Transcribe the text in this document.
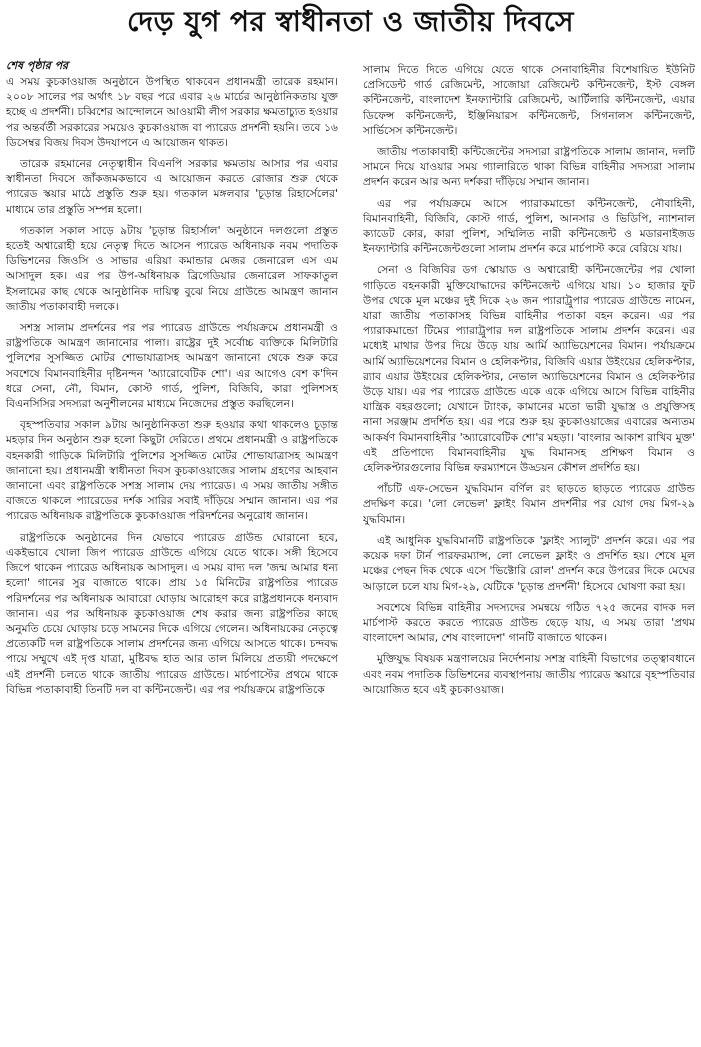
দেড় যুগ পর স্বাধীনতা ও জাতীয় দিবসে
শেষ পৃষ্ঠার পর

এ সময় কুচকাওয়াজ অনুষ্ঠানে উপস্থিত থাকবেন প্রধানমন্ত্রী তারেক রহমান। ২০০৮ সালের পর অর্থাৎ ১৮ বছর পরে এবার ২৬ মার্চের আনুষ্ঠানিকতায় যুক্ত হচ্ছে এ প্রদর্শনী। চব্বিশের আন্দোলনে আওয়ামী লীগ সরকার ক্ষমতাচ্যুত হওয়ার পর অন্তর্বর্তী সরকারের সময়েও কুচকাওয়াজ বা প্যারেড প্রদর্শনী হয়নি। তবে ১৬ ডিসেম্বর বিজয় দিবস উদযাপনে এ আয়োজন থাকত।

তারেক রহমানের নেতৃত্বাধীন বিএনপি সরকার ক্ষমতায় আসার পর এবার স্বাধীনতা দিবসে জাঁকজমকভাবে এ আয়োজন করতে রোজার শুরু থেকে প্যারেড স্কয়ার মাঠে প্রস্তুতি শুরু হয়। গতকাল মঙ্গলবার 'চূড়ান্ত রিহার্সেলের' মাধ্যমে তার প্রস্তুতি সম্পন্ন হলো।

গতকাল সকাল সাড়ে ৯টায় 'চূড়ান্ত রিহার্সাল' অনুষ্ঠানে দলগুলো প্রস্তুত হতেই অশ্বারোহী হয়ে নেতৃত্ব দিতে আসেন প্যারেড অধিনায়ক নবম পদাতিক ডিভিশনের জিওসি ও সাভার এরিয়া কমান্ডার মেজর জেনারেল এস এম আসাদুল হক। এর পর উপ-অধিনায়ক ব্রিগেডিয়ার জেনারেল সাফকাতুল ইসলামের কাছ থেকে আনুষ্ঠানিক দায়িত্ব বুঝে নিয়ে গ্রাউন্ডে আমন্ত্রণ জানান জাতীয় পতাকাবাহী দলকে।

সশস্ত্র সালাম প্রদর্শনের পর পর প্যারেড গ্রাউন্ডে পর্যায়ক্রমে প্রধানমন্ত্রী ও রাষ্ট্রপতিকে আমন্ত্রণ জানানোর পালা। রাষ্ট্রের দুই সর্বোচ্চ ব্যক্তিকে মিলিটারি পুলিশের সুসজ্জিত মোটর শোভাযাত্রাসহ আমন্ত্রণ জানানো থেকে শুরু করে সবশেষে বিমানবাহিনীর দৃষ্টিনন্দন 'অ্যারোবেটিক শো'। এর আগেও বেশ ক'দিন ধরে সেনা, নৌ, বিমান, কোস্ট গার্ড, পুলিশ, বিজিবি, কারা পুলিশসহ বিএনসিসির সদস্যরা অনুশীলনের মাধ্যমে নিজেদের প্রস্তুত করছিলেন।

বৃহস্পতিবার সকাল ৯টায় আনুষ্ঠানিকতা শুরু হওয়ার কথা থাকলেও চূড়ান্ত মহড়ার দিন অনুষ্ঠান শুরু হলো কিছুটা দেরিতে। প্রথমে প্রধানমন্ত্রী ও রাষ্ট্রপতিকে বহনকারী গাড়িকে মিলিটারি পুলিশের সুসজ্জিত মোটর শোভাযাত্রাসহ আমন্ত্রণ জানানো হয়। প্রধানমন্ত্রী স্বাধীনতা দিবস কুচকাওয়াজের সালাম গ্রহণের আহবান জানানো এবং রাষ্ট্রপতিকে সশস্ত্র সালাম দেয় প্যারেড। এ সময় জাতীয় সঙ্গীত বাজতে থাকলে প্যারেডের দর্শক সারির সবাই দাঁড়িয়ে সম্মান জানান। এর পর প্যারেড অধিনায়ক রাষ্ট্রপতিকে কুচকাওয়াজ পরিদর্শনের অনুরোধ জানান।

রাষ্ট্রপতিকে অনুষ্ঠানের দিন যেভাবে প্যারেড গ্রাউন্ড ঘোরানো হবে, একইভাবে খোলা জিপ প্যারেড গ্রাউন্ডে এগিয়ে যেতে থাকে। সঙ্গী হিসেবে জিপে থাকেন প্যারেড অধিনায়ক আসাদুল। এ সময় বাদ্য দল 'জন্ম আমার ধন্য হলো' গানের সুর বাজাতে থাকে। প্রায় ১৫ মিনিটের রাষ্ট্রপতির প্যারেড পরিদর্শনের পর অধিনায়ক আবারো ঘোড়ায় আরোহণ করে রাষ্ট্রপ্রধানকে ধন্যবাদ জানান। এর পর অধিনায়ক কুচকাওয়াজ শেষ করার জন্য রাষ্ট্রপতির কাছে অনুমতি চেয়ে ঘোড়ায় চড়ে সামনের দিকে এগিয়ে গেলেন। অধিনায়কের নেতৃত্বে প্রত্যেকটি দল রাষ্ট্রপতিকে সালাম প্রদর্শনের জন্য এগিয়ে আসতে থাকে। চন্দবদ্ধ পায়ে সম্মুখে এই দৃপ্ত যাত্রা, মুষ্টিবদ্ধ হাত আর তাল মিলিয়ে প্রত্যয়ী পদক্ষেপে এই প্রদর্শনী চলতে থাকে জাতীয় প্যারেড গ্রাউন্ডে। মার্চপাস্টের প্রথমে থাকে বিভিন্ন পতাকাবাহী তিনটি দল বা কন্টিনজেন্ট। এর পর পর্যায়ক্রমে রাষ্ট্রপতিকে

সালাম দিতে দিতে এগিয়ে যেতে থাকে সেনাবাহিনীর বিশেষায়িত ইউনিট প্রেসিডেন্ট গার্ড রেজিমেন্ট, সাজোয়া রেজিমেন্ট কন্টিনজেন্ট, ইস্ট বেঙ্গল কন্টিনজেন্ট, বাংলাদেশ ইনফ্যান্টারি রেজিমেন্ট, আর্টিলারি কন্টিনজেন্ট, এয়ার ডিফেন্স কন্টিনজেন্ট, ইঞ্জিনিয়ারস কন্টিনজেন্ট, সিগনালস কন্টিনজেন্ট, সার্ভিসেস কন্টিনজেন্ট।

জাতীয় পতাকাবাহী কন্টিজেন্টের সদস্যরা রাষ্ট্রপতিকে সালাম জানান, দলটি সামনে দিয়ে যাওয়ার সময় গ্যালারিতে থাকা বিভিন্ন বাহিনীর সদস্যরা সালাম প্রদর্শন করেন আর অন্য দর্শকরা দাঁড়িয়ে সম্মান জানান।

এর পর পর্যায়ক্রমে আসে প্যারাকমান্ডো কন্টিনজেন্ট, নৌবাহিনী, বিমানবাহিনী, বিজিবি, কোস্ট গার্ড, পুলিশ, আনসার ও ভিডিপি, ন্যাশনাল ক্যাডেট কোর, কারা পুলিশ, সম্মিলিত নারী কন্টিনজেন্ট ও মডারনাইজড ইনফ্যান্টারি কন্টিনজেন্টগুলো সালাম প্রদর্শন করে মার্চপাস্ট করে বেরিয়ে যায়।

সেনা ও বিজিবির ডগ স্কোয়াড ও অশ্বারোহী কন্টিনজেন্টের পর খোলা গাড়িতে বহনকারী মুক্তিযোদ্ধাদের কন্টিনজেন্ট এগিয়ে যায়। ১০ হাজার ফুট উপর থেকে মূল মঞ্চের দুই দিকে ২৬ জন প্যারাট্রুপার প্যারেড গ্রাউন্ডে নামেন, যারা জাতীয় পতাকাসহ বিভিন্ন বাহিনীর পতাকা বহন করেন। এর পর প্যারাকমান্ডো টিমের প্যারাট্রুপার দল রাষ্ট্রপতিকে সালাম প্রদর্শন করেন। এর মধ্যেই মাথার উপর দিয়ে উড়ে যায় আর্মি অ্যাভিয়েশনের বিমান। পর্যায়ক্রমে আর্মি অ্যাভিয়েশনের বিমান ও হেলিকপ্টার, বিজিবি এয়ার উইংয়ের হেলিকপ্টার, র‍্যাব এয়ার উইংয়ের হেলিকপ্টার, নেভাল অ্যাভিয়েশনের বিমান ও হেলিকপ্টার উড়ে যায়। এর পর প্যারেড গ্রাউন্ডে একে একে এগিয়ে আসে বিভিন্ন বাহিনীর যান্ত্রিক বহরগুলো; যেখানে ট্যাংক, কামানের মতো ভারী যুদ্ধাস্ত্র ও প্রযুক্তিসহ নানা সরঞ্জাম প্রদর্শিত হয়। এর পরে শুরু হয় কুচকাওয়াজের এবারের অন্যতম আকর্ষণ বিমানবাহিনীর 'অ্যারোবেটিক শো'র মহড়া। 'বাংলার আকাশ রাখিব মুক্ত' এই প্রতিপাদ্যে বিমানবাহিনীর যুদ্ধ বিমানসহ প্রশিক্ষণ বিমান ও হেলিকপ্টারগুলোর বিভিন্ন ফরম্যাশনে উড্ডয়ন কৌশল প্রদর্শিত হয়।

পাঁচটি এফ-সেভেন যুদ্ধবিমান বর্ণিল রং ছাড়তে ছাড়তে প্যারেড গ্রাউন্ড প্রদক্ষিণ করে। 'লো লেভেল' ফ্লাইং বিমান প্রদর্শনীর পর যোগ দেয় মিগ-২৯ যুদ্ধবিমান।

এই আধুনিক যুদ্ধবিমানটি রাষ্ট্রপতিকে 'ফ্লাইং স্যালুট' প্রদর্শন করে। এর পর কয়েক দফা টার্ন পারফরম্যান্স, লো লেভেল ফ্লাইং ও প্রদর্শিত হয়। শেষে মূল মঞ্চের পেছন দিক থেকে এসে 'ভিক্টোরি রোল' প্রদর্শন করে উপরের দিকে মেঘের আড়ালে চলে যায় মিগ-২৯, যেটিকে 'চূড়ান্ত প্রদর্শনী' হিসেবে ঘোষণা করা হয়।

সবশেষে বিভিন্ন বাহিনীর সদস্যদের সমন্বয়ে গঠিত ৭২৫ জনের বাদক দল মার্চপাস্ট করতে করতে প্যারেড গ্রাউন্ড ছেড়ে যায়, এ সময় তারা 'প্রথম বাংলাদেশ আমার, শেষ বাংলাদেশ' গানটি বাজাতে থাকেন।

মুক্তিযুদ্ধ বিষয়ক মন্ত্রণালয়ের নির্দেশনায় সশস্ত্র বাহিনী বিভাগের তত্ত্বাবধানে এবং নবম পদাতিক ডিভিশনের ব্যবস্থাপনায় জাতীয় প্যারেড স্কয়ারে বৃহস্পতিবার আয়োজিত হবে এই কুচকাওয়াজ।
